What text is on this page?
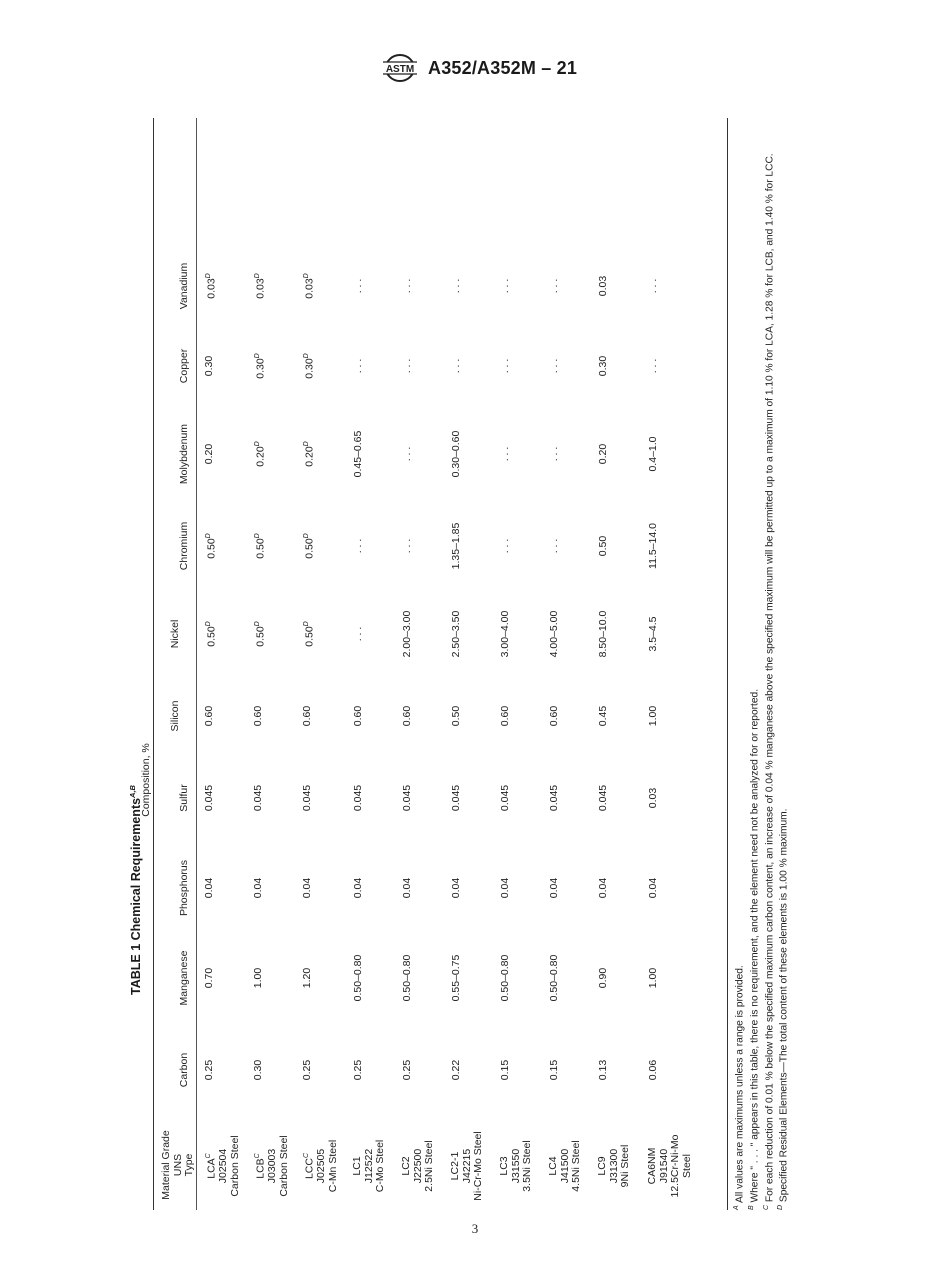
ASTM A352/A352M – 21
TABLE 1 Chemical Requirements$^{A,B}$ Composition, %

$^A$ All values are maximums unless a range is provided.

$^B$ Where " . . . " appears in this table, there is no requirement, and the element need not be analyzed for or reported.

$^C$ For each reduction of 0.01 % below the specified maximum carbon content, an increase of 0.04 % manganese above the specified maximum will be permitted up to a maximum of 1.10 % for LCA, 1.28 % for LCB, and 1.40 % for LCC.

$^D$ Specified Residual Elements—The total content of these elements is 1.00 % maximum.

Material Grade UNS Type
Carbon
Manganese
Phosphorus
Sulfur
Silicon
Nickel
Chromium
Molybdenum
Copper
Vanadium
$LCA^C$ J02504 Carbon Steel
0.25
0.70
0.04
0.045
0.60
$0.50^D$
$0.50^D$
0.20
0.30
$0.03^D$
$LCB^C$ J03003 Carbon Steel
0.30
1.00
0.04
0.045
0.60
$0.50^D$
$0.50^D$
$0.20^D$
$0.30^D$
$0.03^D$
$LCC^C$ J02505 C-Mn Steel
0.25
1.20
0.04
0.045
0.60
$0.50^D$
$0.50^D$
$0.20^D$
$0.30^D$
$0.03^D$
LC1 J12522 C-Mo Steel
0.25
0.50–0.80
0.04
0.045
0.60
. . .
. . .
0.45–0.65
. . .
. . .
LC2 J22500 2.5Ni Steel
0.25
0.50–0.80
0.04
0.045
0.60
2.00–3.00
. . .
. . .
. . .
. . .
LC2-1 J42215 Ni-Cr-Mo Steel
0.22
0.55–0.75
0.04
0.045
0.50
2.50–3.50
1.35–1.85
0.30–0.60
. . .
. . .
LC3 J31550 3.5Ni Steel
0.15
0.50–0.80
0.04
0.045
0.60
3.00–4.00
. . .
. . .
. . .
. . .
LC4 J41500 4.5Ni Steel
0.15
0.50–0.80
0.04
0.045
0.60
4.00–5.00
. . .
. . .
. . .
. . .
LC9 J31300 9Ni Steel
0.13
0.90
0.04
0.045
0.45
8.50–10.0
0.50
0.20
0.30
0.03
CA6NM J91540 12.5Cr-Ni-Mo Steel
0.06
1.00
0.04
0.03
1.00
3.5–4.5
11.5–14.0
0.4–1.0
. . .
. . .
3
